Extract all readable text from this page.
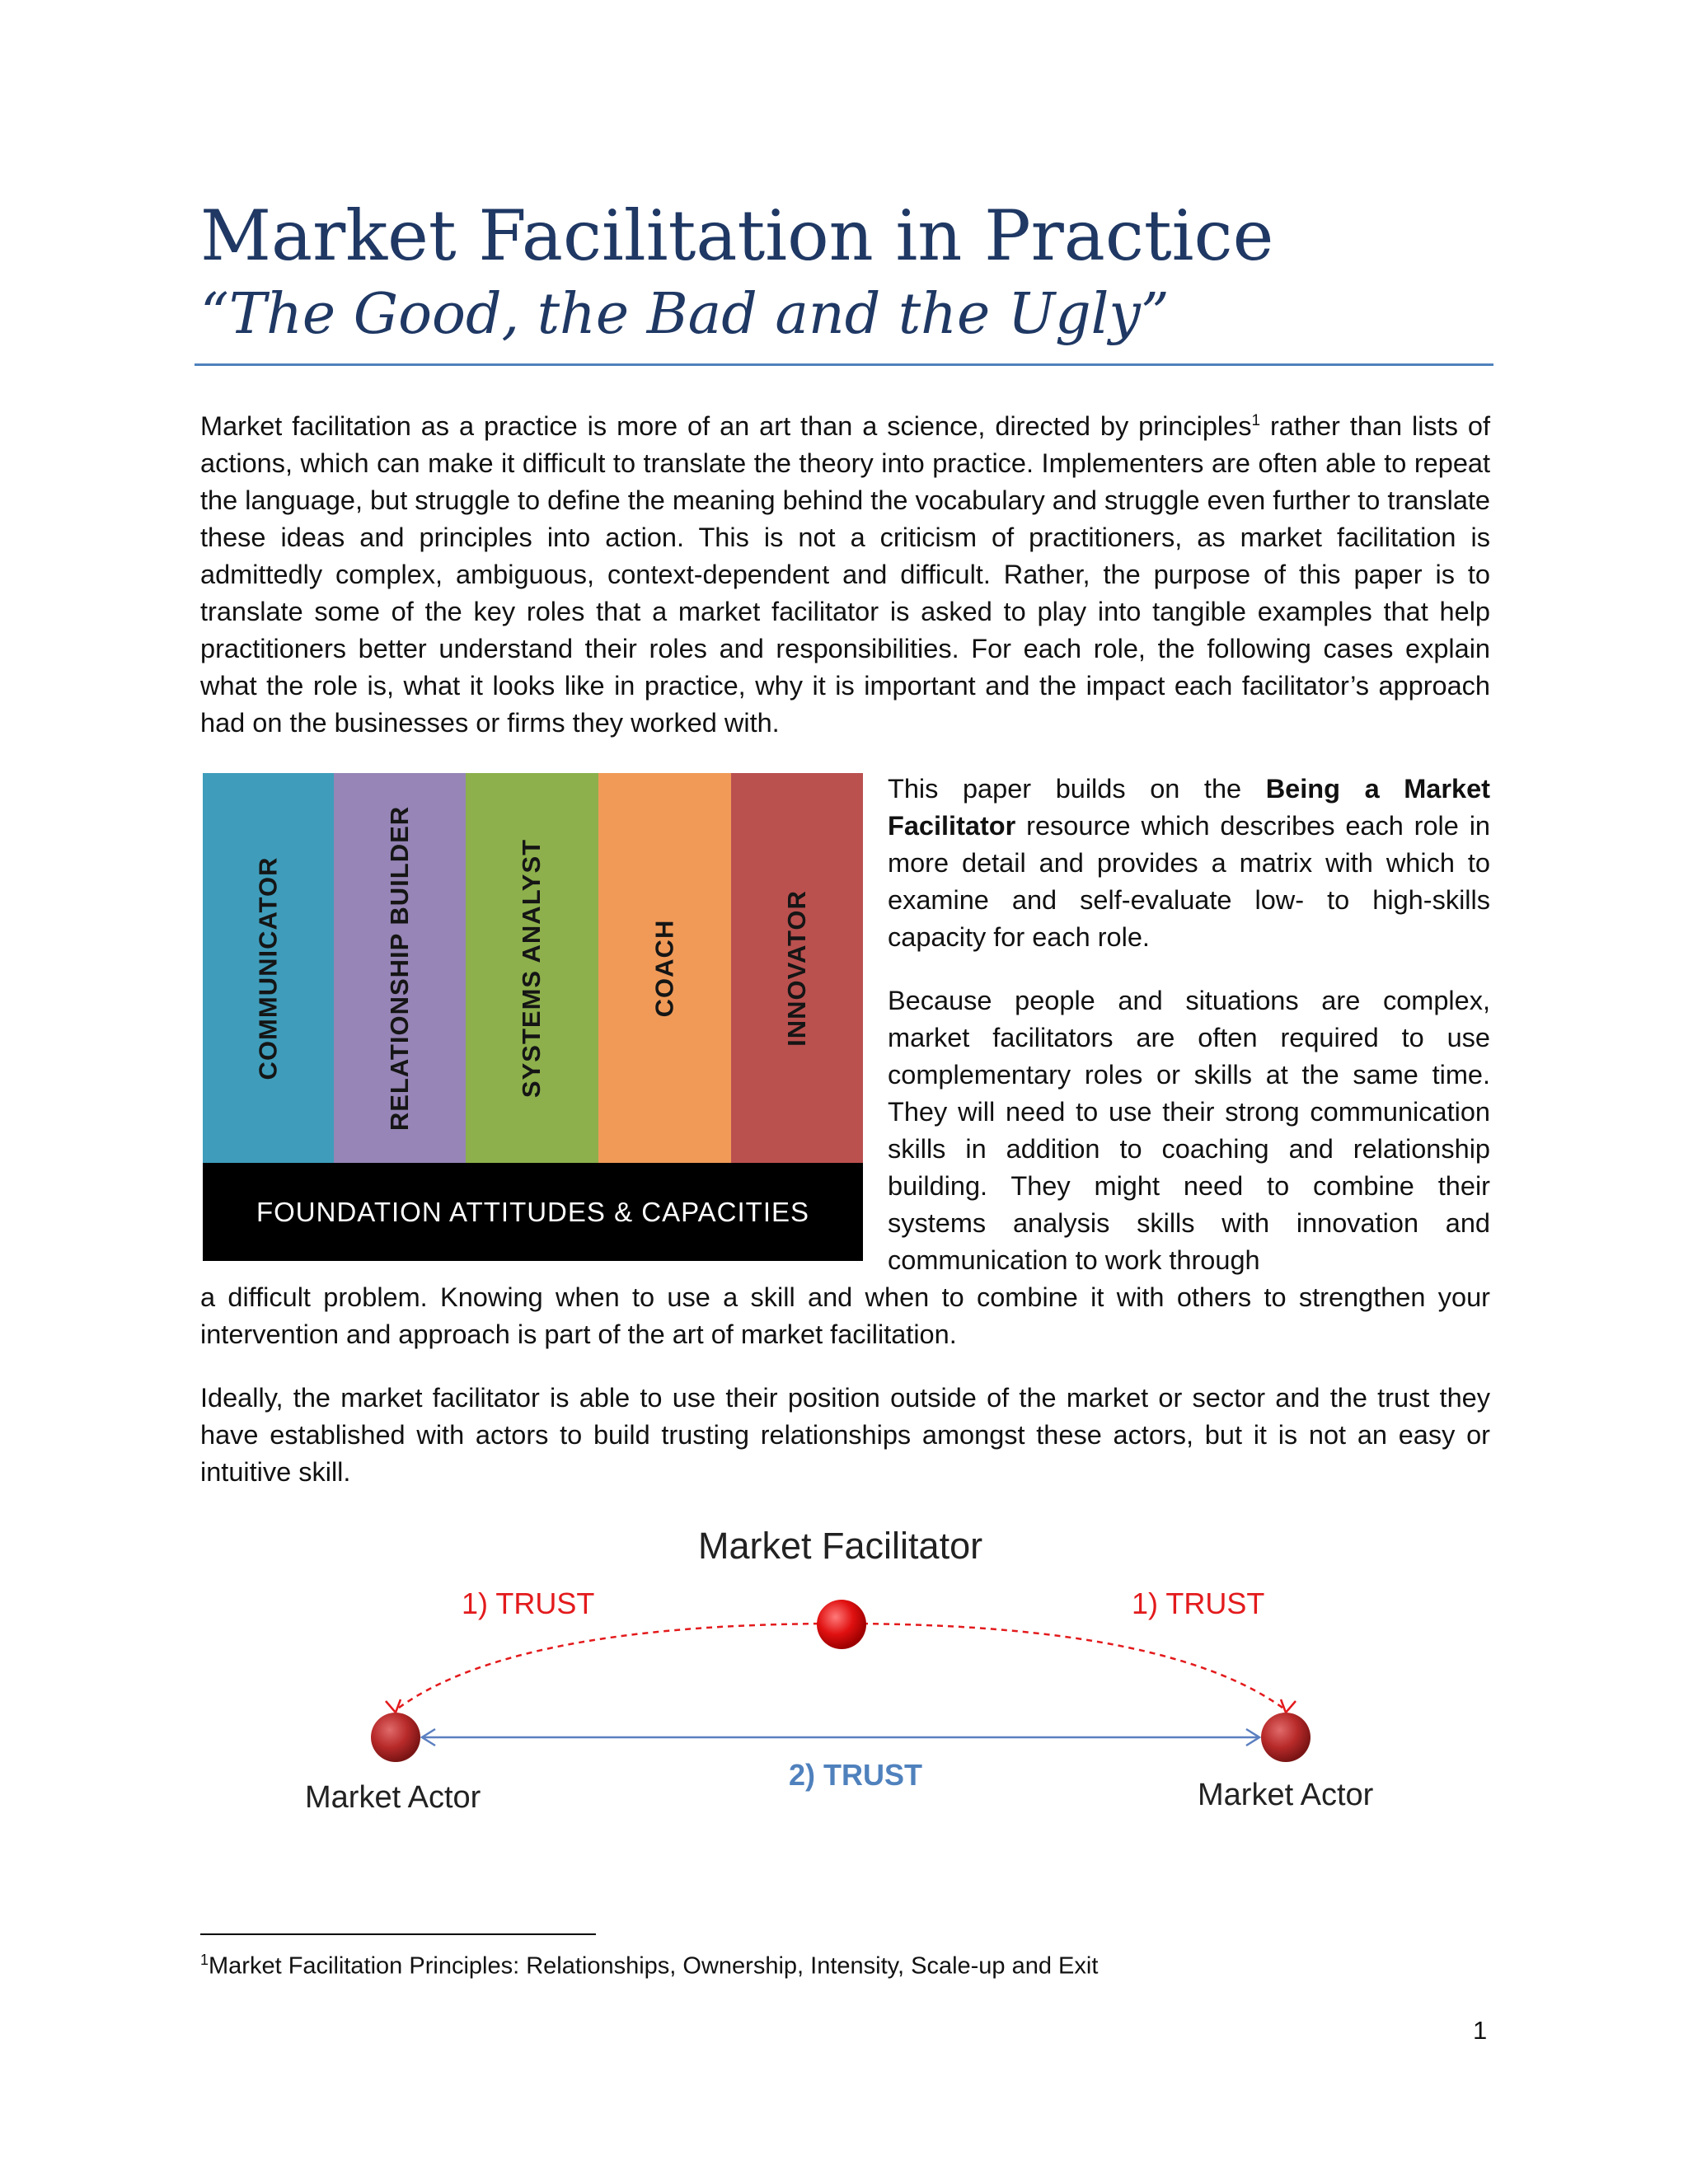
Market Facilitation in Practice
“The Good, the Bad and the Ugly”

Market facilitation as a practice is more of an art than a science, directed by principles$^1$ rather than lists of actions, which can make it difficult to translate the theory into practice. Implementers are often able to repeat the language, but struggle to define the meaning behind the vocabulary and struggle even further to translate these ideas and principles into action. This is not a criticism of practitioners, as market facilitation is admittedly complex, ambiguous, context-dependent and difficult. Rather, the purpose of this paper is to translate some of the key roles that a market facilitator is asked to play into tangible examples that help practitioners better understand their roles and responsibilities. For each role, the following cases explain what the role is, what it looks like in practice, why it is important and the impact each facilitator’s approach had on the businesses or firms they worked with.

COMMUNICATOR	RELATIONSHIP BUILDER	SYSTEMS ANALYST	COACH	INNOVATOR
FOUNDATION ATTITUDES & CAPACITIES

This paper builds on the Being a Market Facilitator resource which describes each role in more detail and provides a matrix with which to examine and self-evaluate low- to high-skills capacity for each role.

Because people and situations are complex, market facilitators are often required to use complementary roles or skills at the same time. They will need to use their strong communication skills in addition to coaching and relationship building. They might need to combine their systems analysis skills with innovation and communication to work through

a difficult problem. Knowing when to use a skill and when to combine it with others to strengthen your intervention and approach is part of the art of market facilitation.

Ideally, the market facilitator is able to use their position outside of the market or sector and the trust they have established with actors to build trusting relationships amongst these actors, but it is not an easy or intuitive skill.

Market Facilitator
1) TRUST	1) TRUST
2) TRUST
Market Actor	Market Actor
$^1$Market Facilitation Principles: Relationships, Ownership, Intensity, Scale-up and Exit
1
